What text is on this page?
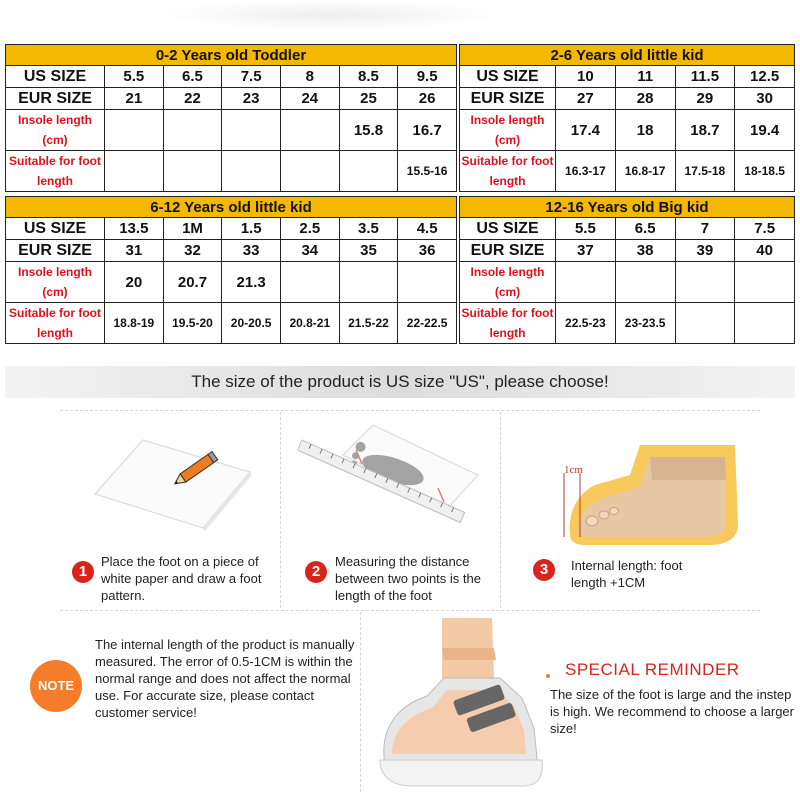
0-2 Years old Toddler						
US SIZE	5.5	6.5	7.5	8	8.5	9.5
EUR SIZE	21	22	23	24	25	26
Insole length (cm)					15.8	16.7
Suitable for foot length						15.5-16
2-6 Years old little kid				
US SIZE	10	11	11.5	12.5
EUR SIZE	27	28	29	30
Insole length (cm)	17.4	18	18.7	19.4
Suitable for foot length	16.3-17	16.8-17	17.5-18	18-18.5
6-12 Years old little kid						
US SIZE	13.5	1M	1.5	2.5	3.5	4.5
EUR SIZE	31	32	33	34	35	36
Insole length (cm)	20	20.7	21.3			
Suitable for foot length	18.8-19	19.5-20	20-20.5	20.8-21	21.5-22	22-22.5
12-16 Years old Big kid				
US SIZE	5.5	6.5	7	7.5
EUR SIZE	37	38	39	40
Insole length (cm)				
Suitable for foot length	22.5-23	23-23.5		
The size of the product is US size "US", please choose!
1cm
1
Place the foot on a piece of white paper and draw a foot pattern.
2
Measuring the distance between two points is the length of the foot
3	Internal length: foot length +1CM
NOTE
The internal length of the product is manually measured. The error of 0.5-1CM is within the normal range and does not affect the normal use. For accurate size, please contact customer service!
SPECIAL REMINDER
The size of the foot is large and the instep is high. We recommend to choose a larger size!
